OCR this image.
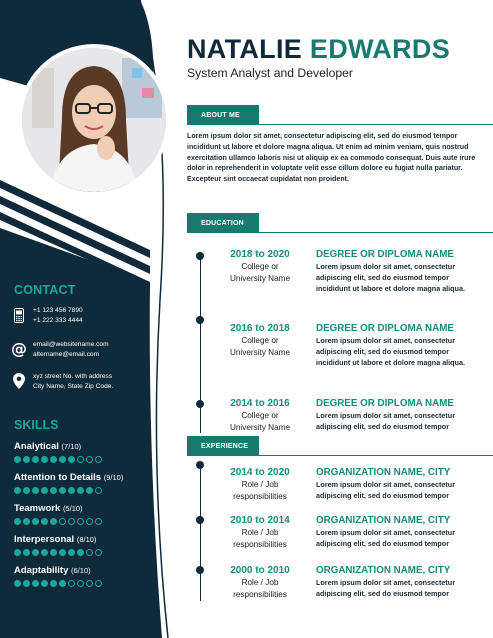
NATALIE EDWARDS
System Analyst and Developer
ABOUT ME
Lorem ipsum dolor sit amet, consectetur adipiscing elit, sed do eiusmod tempor incididunt ut labore et dolore magna aliqua. Ut enim ad minim veniam, quis nostrud exercitation ullamco laboris nisi ut aliquip ex ea commodo consequat. Duis aute irure dolor in reprehenderit in voluptate velit esse cillum dolore eu fugiat nulla pariatur. Excepteur sint occaecat cupidatat non proident.
EDUCATION
2018 to 2020
College or
University Name
DEGREE OR DIPLOMA NAME
Lorem ipsum dolor sit amet, consectetur adipiscing elit, sed do eiusmod tempor incididunt ut labore et dolore magna aliqua.
2016 to 2018
College or
University Name
DEGREE OR DIPLOMA NAME
Lorem ipsum dolor sit amet, consectetur adipiscing elit, sed do eiusmod tempor incididunt ut labore et dolore magna aliqua.
2014 to 2016
College or
University Name
DEGREE OR DIPLOMA NAME
Lorem ipsum dolor sit amet, consectetur adipiscing elit, sed do eiusmod tempor
EXPERIENCE
2014 to 2020
Role / Job
responsibilities
ORGANIZATION NAME, CITY
Lorem ipsum dolor sit amet, consectetur adipiscing elit, sed do eiusmod tempor
2010 to 2014
Role / Job
responsibilities
ORGANIZATION NAME, CITY
Lorem ipsum dolor sit amet, consectetur adipiscing elit, sed do eiusmod tempor
2000 to 2010
Role / Job
responsibilities
ORGANIZATION NAME, CITY
Lorem ipsum dolor sit amet, consectetur adipiscing elit, sed do eiusmod tempor
CONTACT
+1 123 456 7890
+1 222 333 4444
@ email@websitename.com
altername@email.com
xyz street No. with address
City Name, State Zip Code.
SKILLS
Analytical (7/10)
Attention to Details (9/10)
Teamwork (5/10)
Interpersonal (8/10)
Adaptability (6/10)
